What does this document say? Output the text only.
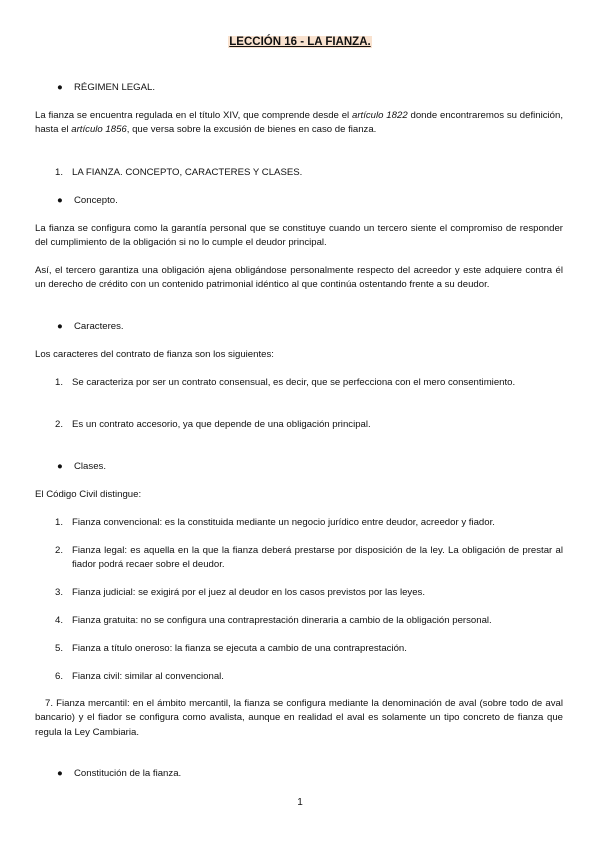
LECCIÓN 16 - LA FIANZA.
● RÉGIMEN LEGAL.
La fianza se encuentra regulada en el título XIV, que comprende desde el artículo 1822 donde encontraremos su definición, hasta el artículo 1856, que versa sobre la excusión de bienes en caso de fianza.
1. LA FIANZA. CONCEPTO, CARACTERES Y CLASES.
● Concepto.
La fianza se configura como la garantía personal que se constituye cuando un tercero siente el compromiso de responder del cumplimiento de la obligación si no lo cumple el deudor principal.
Así, el tercero garantiza una obligación ajena obligándose personalmente respecto del acreedor y este adquiere contra él un derecho de crédito con un contenido patrimonial idéntico al que continúa ostentando frente a su deudor.
● Caracteres.
Los caracteres del contrato de fianza son los siguientes:
1. Se caracteriza por ser un contrato consensual, es decir, que se perfecciona con el mero consentimiento.
2. Es un contrato accesorio, ya que depende de una obligación principal.
● Clases.
El Código Civil distingue:
1. Fianza convencional: es la constituida mediante un negocio jurídico entre deudor, acreedor y fiador.
2. Fianza legal: es aquella en la que la fianza deberá prestarse por disposición de la ley. La obligación de prestar al fiador podrá recaer sobre el deudor.
3. Fianza judicial: se exigirá por el juez al deudor en los casos previstos por las leyes.
4. Fianza gratuita: no se configura una contraprestación dineraria a cambio de la obligación personal.
5. Fianza a título oneroso: la fianza se ejecuta a cambio de una contraprestación.
6. Fianza civil: similar al convencional.
7. Fianza mercantil: en el ámbito mercantil, la fianza se configura mediante la denominación de aval (sobre todo de aval bancario) y el fiador se configura como avalista, aunque en realidad el aval es solamente un tipo concreto de fianza que regula la Ley Cambiaria.
● Constitución de la fianza.
1
